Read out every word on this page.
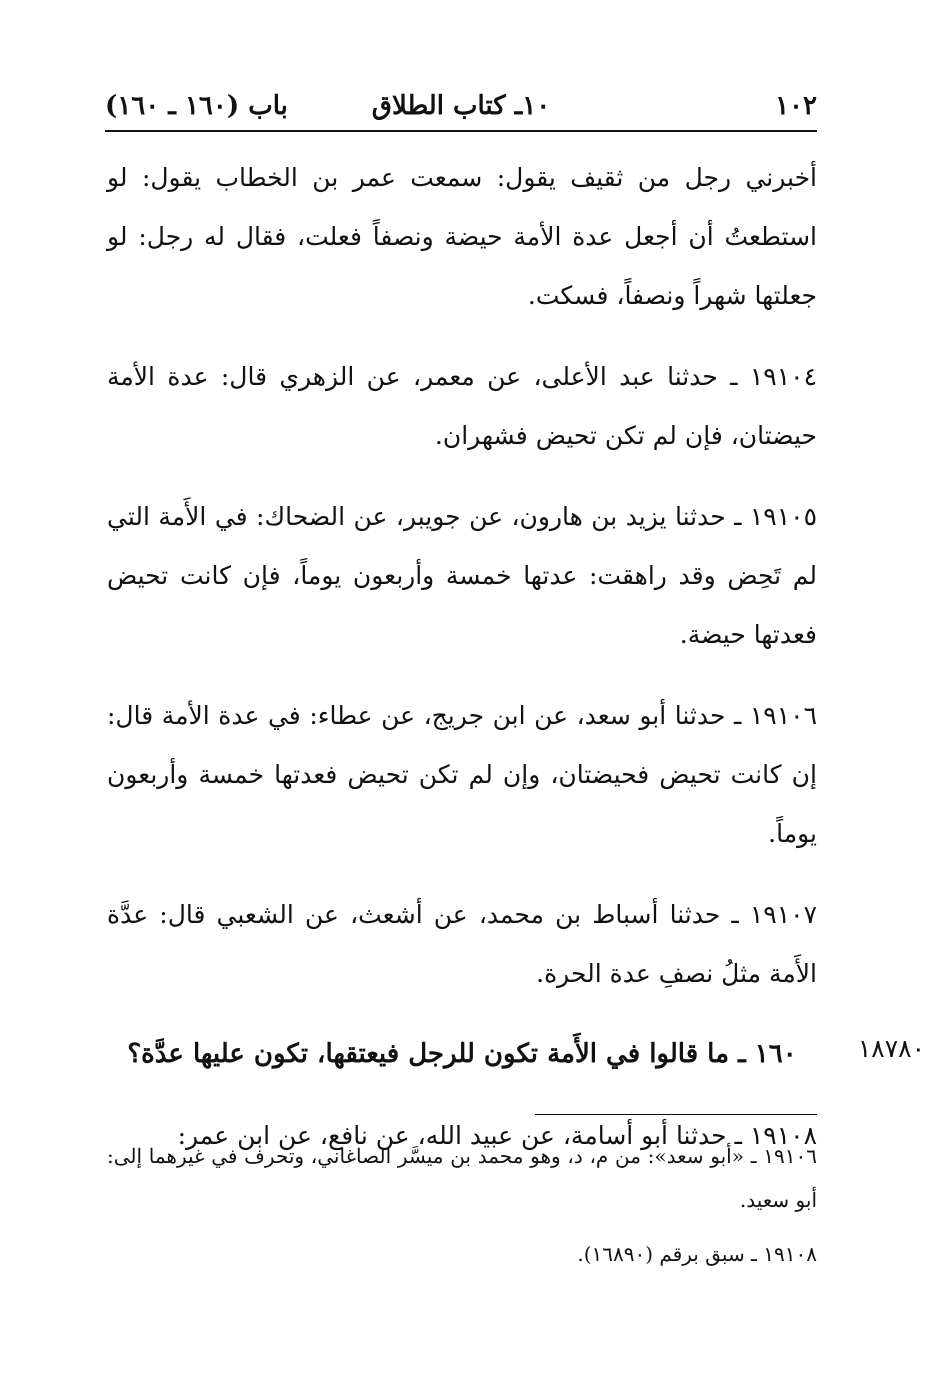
١٠٢
١٠ـ كتاب الطلاق
باب (١٦٠ ـ ١٦٠)

أخبرني رجل من ثقيف يقول: سمعت عمر بن الخطاب يقول: لو استطعتُ أن أجعل عدة الأمة حيضة ونصفاً فعلت، فقال له رجل: لو جعلتها شهراً ونصفاً، فسكت.

١٩١٠٤ ـ حدثنا عبد الأعلى، عن معمر، عن الزهري قال: عدة الأمة حيضتان، فإن لم تكن تحيض فشهران.

١٩١٠٥ ـ حدثنا يزيد بن هارون، عن جويبر، عن الضحاك: في الأَمة التي لم تَحِض وقد راهقت: عدتها خمسة وأربعون يوماً، فإن كانت تحيض فعدتها حيضة.

١٩١٠٦ ـ حدثنا أبو سعد، عن ابن جريج، عن عطاء: في عدة الأمة قال: إن كانت تحيض فحيضتان، وإن لم تكن تحيض فعدتها خمسة وأربعون يوماً.

١٩١٠٧ ـ حدثنا أسباط بن محمد، عن أشعث، عن الشعبي قال: عدَّة الأَمة مثلُ نصفِ عدة الحرة.

١٦٠ ـ ما قالوا في الأَمة تكون للرجل فيعتقها، تكون عليها عدَّة؟

١٩١٠٨ ـ حدثنا أبو أسامة، عن عبيد الله، عن نافع، عن ابن عمر:

١٨٧٨٠

١٩١٠٦ ـ «أبو سعد»: من م، د، وهو محمد بن ميسَّر الصاغاني، وتحرف في غيرهما إلى: أبو سعيد.

١٩١٠٨ ـ سبق برقم (١٦٨٩٠).
